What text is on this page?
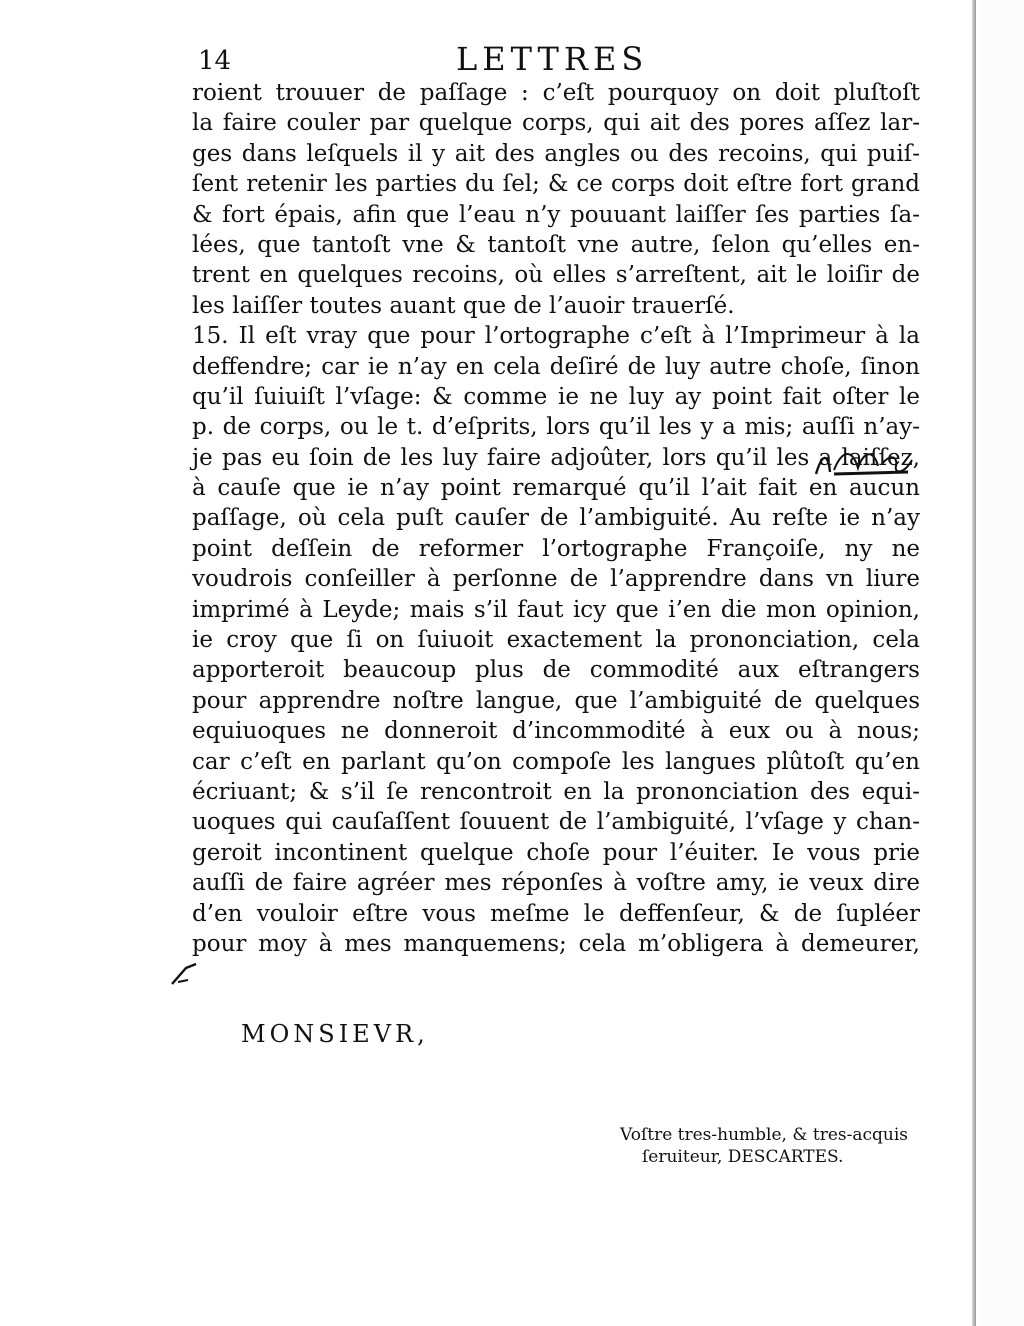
14	LETTRES
roient trouuer de paſſage : c’eſt pourquoy on doit pluſtoſt
la faire couler par quelque corps, qui ait des pores aſſez lar-
ges dans leſquels il y ait des angles ou des recoins, qui puiſ-
ſent retenir les parties du ſel; & ce corps doit eſtre fort grand
& fort épais, afin que l’eau n’y pouuant laiſſer ſes parties ſa-
lées, que tantoſt vne & tantoſt vne autre, ſelon qu’elles en-
trent en quelques recoins, où elles s’arreſtent, ait le loiſir de
les laiſſer toutes auant que de l’auoir trauerſé.
15. Il eſt vray que pour l’ortographe c’eſt à l’Imprimeur à la
deffendre; car ie n’ay en cela deſiré de luy autre choſe, ſinon
qu’il ſuiuiſt l’vſage: & comme ie ne luy ay point fait oſter le
p. de corps, ou le t. d’eſprits, lors qu’il les y a mis; auſſi n’ay-
je pas eu ſoin de les luy faire adjoûter, lors qu’il les a laiſſez,
à cauſe que ie n’ay point remarqué qu’il l’ait fait en aucun
paſſage, où cela puſt cauſer de l’ambiguité. Au reſte ie n’ay
point deſſein de reformer l’ortographe Françoiſe, ny ne
voudrois conſeiller à perſonne de l’apprendre dans vn liure
imprimé à Leyde; mais s’il faut icy que i’en die mon opinion,
ie croy que ſi on ſuiuoit exactement la prononciation, cela
apporteroit beaucoup plus de commodité aux eſtrangers
pour apprendre noſtre langue, que l’ambiguité de quelques
equiuoques ne donneroit d’incommodité à eux ou à nous;
car c’eſt en parlant qu’on compoſe les langues plûtoſt qu’en
écriuant; & s’il ſe rencontroit en la prononciation des equi-
uoques qui cauſaſſent ſouuent de l’ambiguité, l’vſage y chan-
geroit incontinent quelque choſe pour l’éuiter. Ie vous prie
auſſi de faire agréer mes réponſes à voſtre amy, ie veux dire
d’en vouloir eſtre vous meſme le deffenſeur, & de ſupléer
pour moy à mes manquemens; cela m’obligera à demeurer,
MONSIEVR,
Voſtre tres-humble, & tres-acquis
ſeruiteur, DESCARTES.
